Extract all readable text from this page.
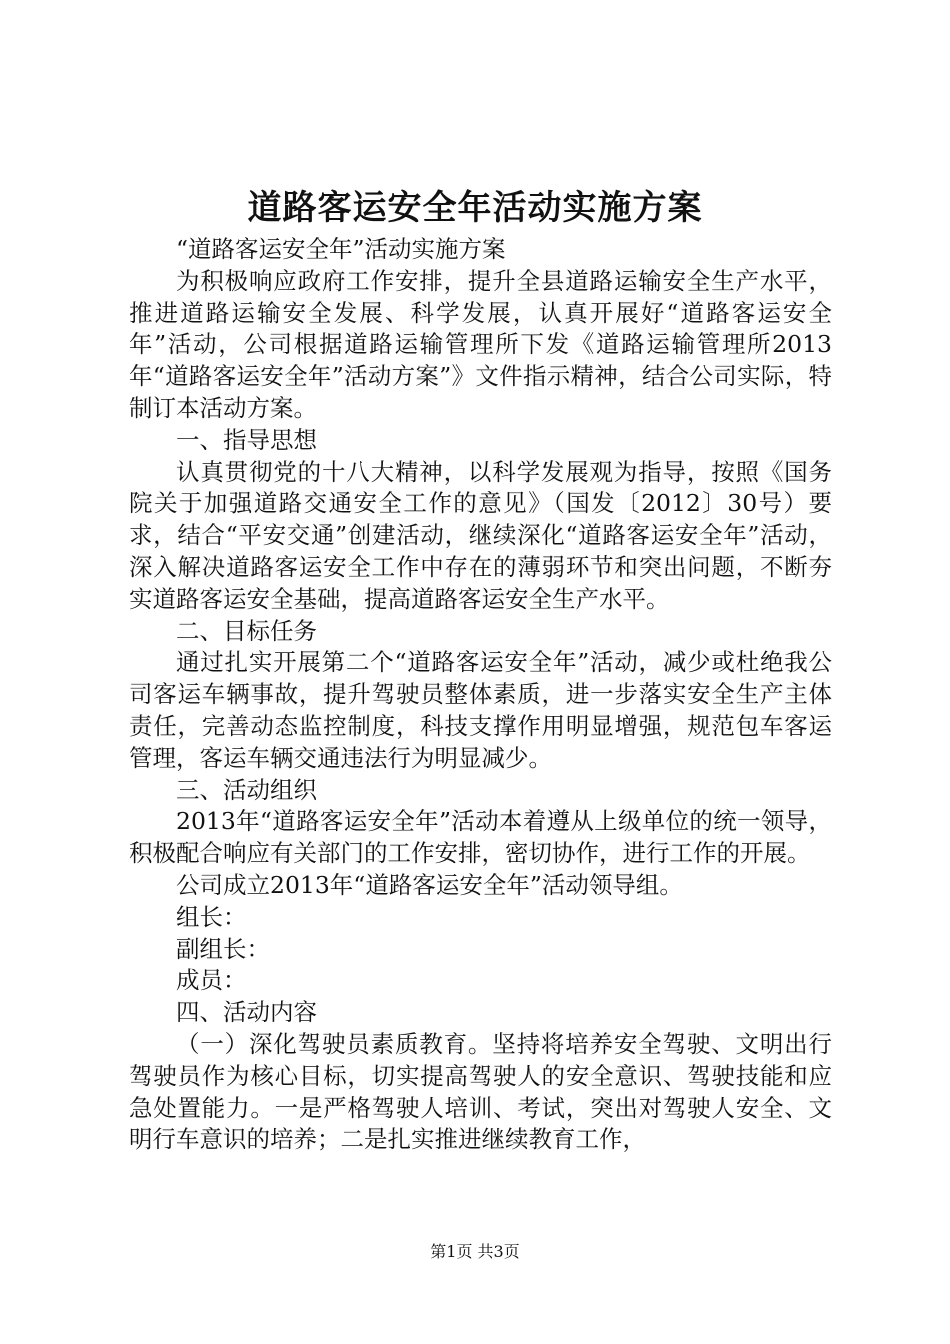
道路客运安全年活动实施方案

“道路客运安全年”活动实施方案

为积极响应政府工作安排，提升全县道路运输安全生产水平，推进道路运输安全发展、科学发展，认真开展好“道路客运安全年”活动，公司根据道路运输管理所下发《道路运输管理所2013年“道路客运安全年”活动方案”》文件指示精神，结合公司实际，特制订本活动方案。

一、指导思想

认真贯彻党的十八大精神，以科学发展观为指导，按照《国务院关于加强道路交通安全工作的意见》（国发〔2012〕30号）要求，结合“平安交通”创建活动，继续深化“道路客运安全年”活动，深入解决道路客运安全工作中存在的薄弱环节和突出问题，不断夯实道路客运安全基础，提高道路客运安全生产水平。

二、目标任务

通过扎实开展第二个“道路客运安全年”活动，减少或杜绝我公司客运车辆事故，提升驾驶员整体素质，进一步落实安全生产主体责任，完善动态监控制度，科技支撑作用明显增强，规范包车客运管理，客运车辆交通违法行为明显减少。

三、活动组织

2013年“道路客运安全年”活动本着遵从上级单位的统一领导，积极配合响应有关部门的工作安排，密切协作，进行工作的开展。

公司成立2013年“道路客运安全年”活动领导组。

组长：

副组长：

成员：

四、活动内容

（一）深化驾驶员素质教育。坚持将培养安全驾驶、文明出行驾驶员作为核心目标，切实提高驾驶人的安全意识、驾驶技能和应急处置能力。一是严格驾驶人培训、考试，突出对驾驶人安全、文明行车意识的培养；二是扎实推进继续教育工作，

第1页 共3页
